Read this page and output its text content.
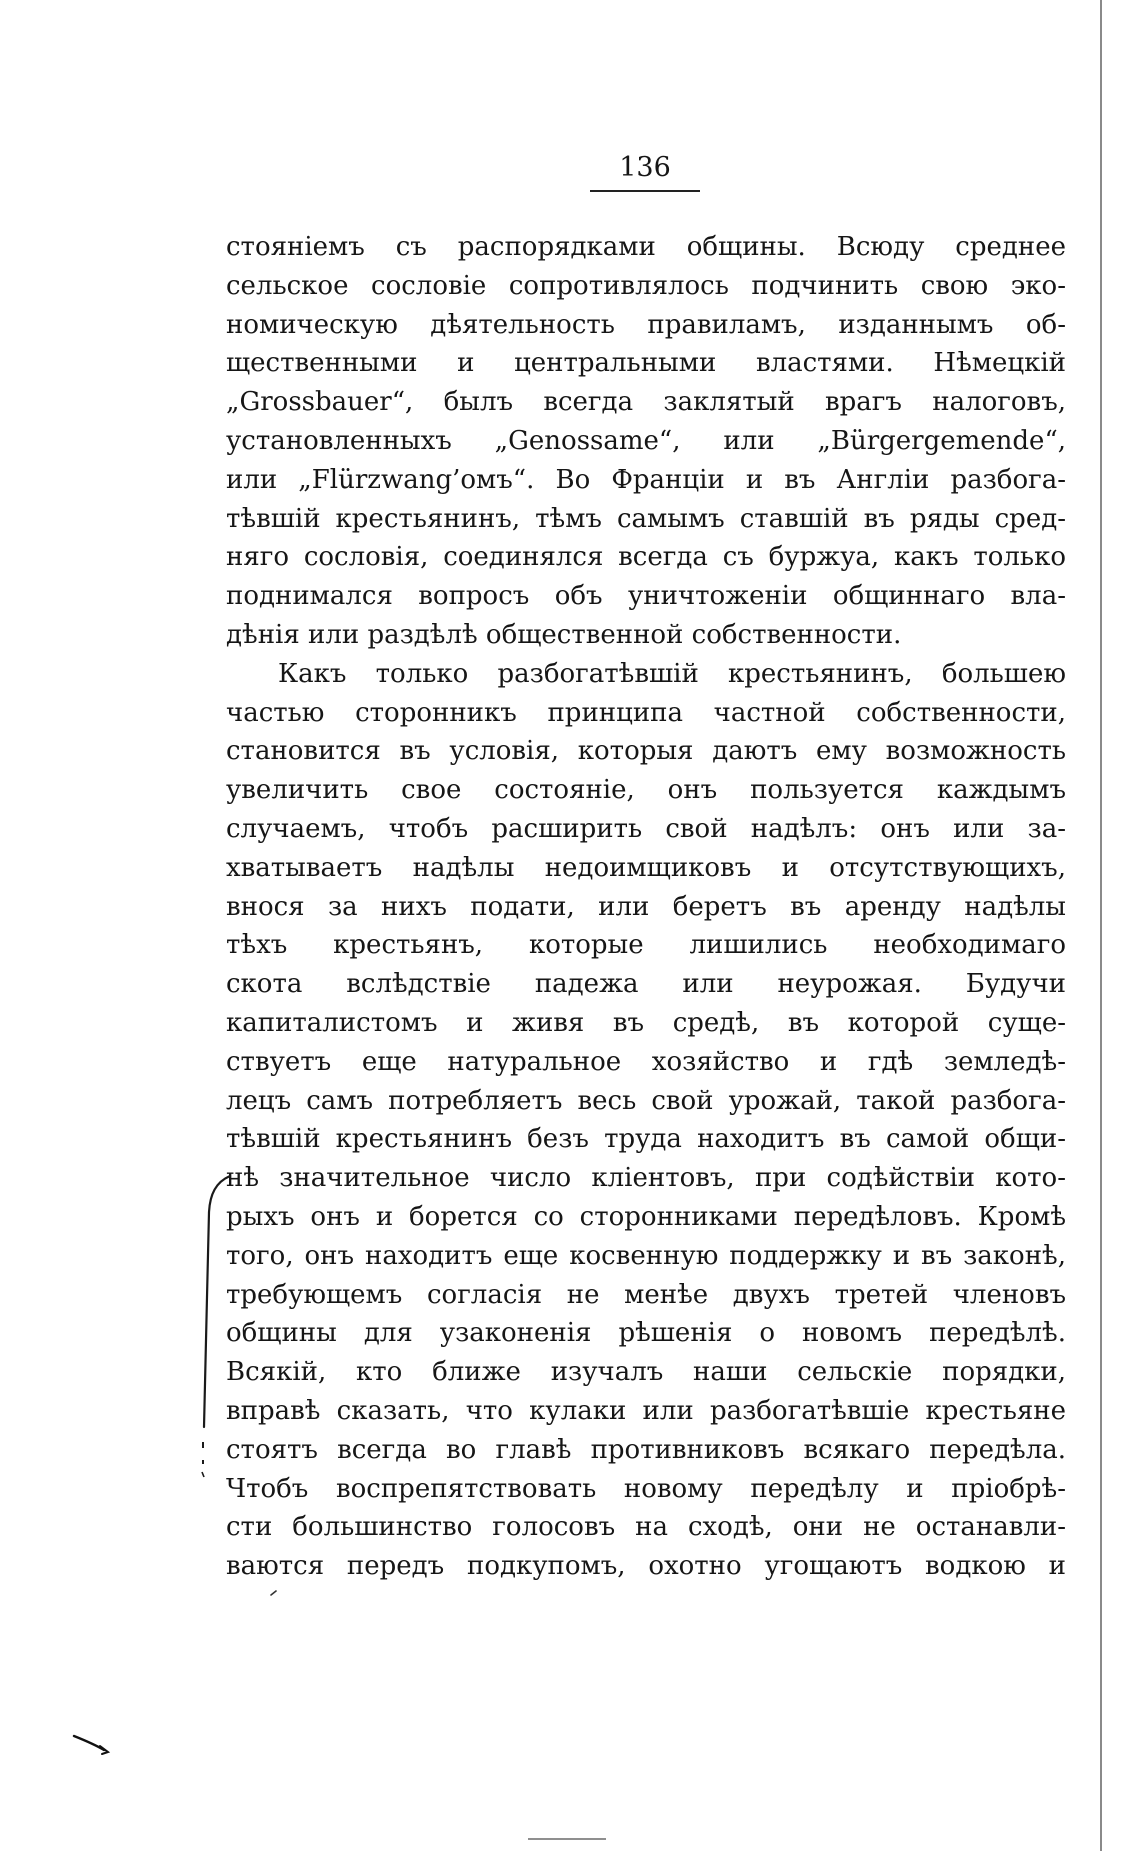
136
стояніемъ съ распорядками общины. Всюду среднее
сельское сословіе сопротивлялось подчинить свою эко-
номическую дѣятельность правиламъ, изданнымъ об-
щественными и центральными властями. Нѣмецкій
„Grossbauer“, былъ всегда заклятый врагъ налоговъ,
установленныхъ „Genossame“, или „Bürgergemende“,
или „Flürzwang’омъ“. Во Франціи и въ Англіи разбога-
тѣвшій крестьянинъ, тѣмъ самымъ ставшій въ ряды сред-
няго сословія, соединялся всегда съ буржуа, какъ только
поднимался вопросъ объ уничтоженіи общиннаго вла-
дѣнія или раздѣлѣ общественной собственности.
Какъ только разбогатѣвшій крестьянинъ, большею
частью сторонникъ принципа частной собственности,
становится въ условія, которыя даютъ ему возможность
увеличить свое состояніе, онъ пользуется каждымъ
случаемъ, чтобъ расширить свой надѣлъ: онъ или за-
хватываетъ надѣлы недоимщиковъ и отсутствующихъ,
внося за нихъ подати, или беретъ въ аренду надѣлы
тѣхъ крестьянъ, которые лишились необходимаго
скота вслѣдствіе падежа или неурожая. Будучи
капиталистомъ и живя въ средѣ, въ которой суще-
ствуетъ еще натуральное хозяйство и гдѣ земледѣ-
лецъ самъ потребляетъ весь свой урожай, такой разбога-
тѣвшій крестьянинъ безъ труда находитъ въ самой общи-
нѣ значительное число кліентовъ, при содѣйствіи кото-
рыхъ онъ и борется со сторонниками передѣловъ. Кромѣ
того, онъ находитъ еще косвенную поддержку и въ законѣ,
требующемъ согласія не менѣе двухъ третей членовъ
общины для узаконенія рѣшенія о новомъ передѣлѣ.
Всякій, кто ближе изучалъ наши сельскіе порядки,
вправѣ сказать, что кулаки или разбогатѣвшіе крестьяне
стоятъ всегда во главѣ противниковъ всякаго передѣла.
Чтобъ воспрепятствовать новому передѣлу и пріобрѣ-
сти большинство голосовъ на сходѣ, они не останавли-
ваются передъ подкупомъ, охотно угощаютъ водкою и
